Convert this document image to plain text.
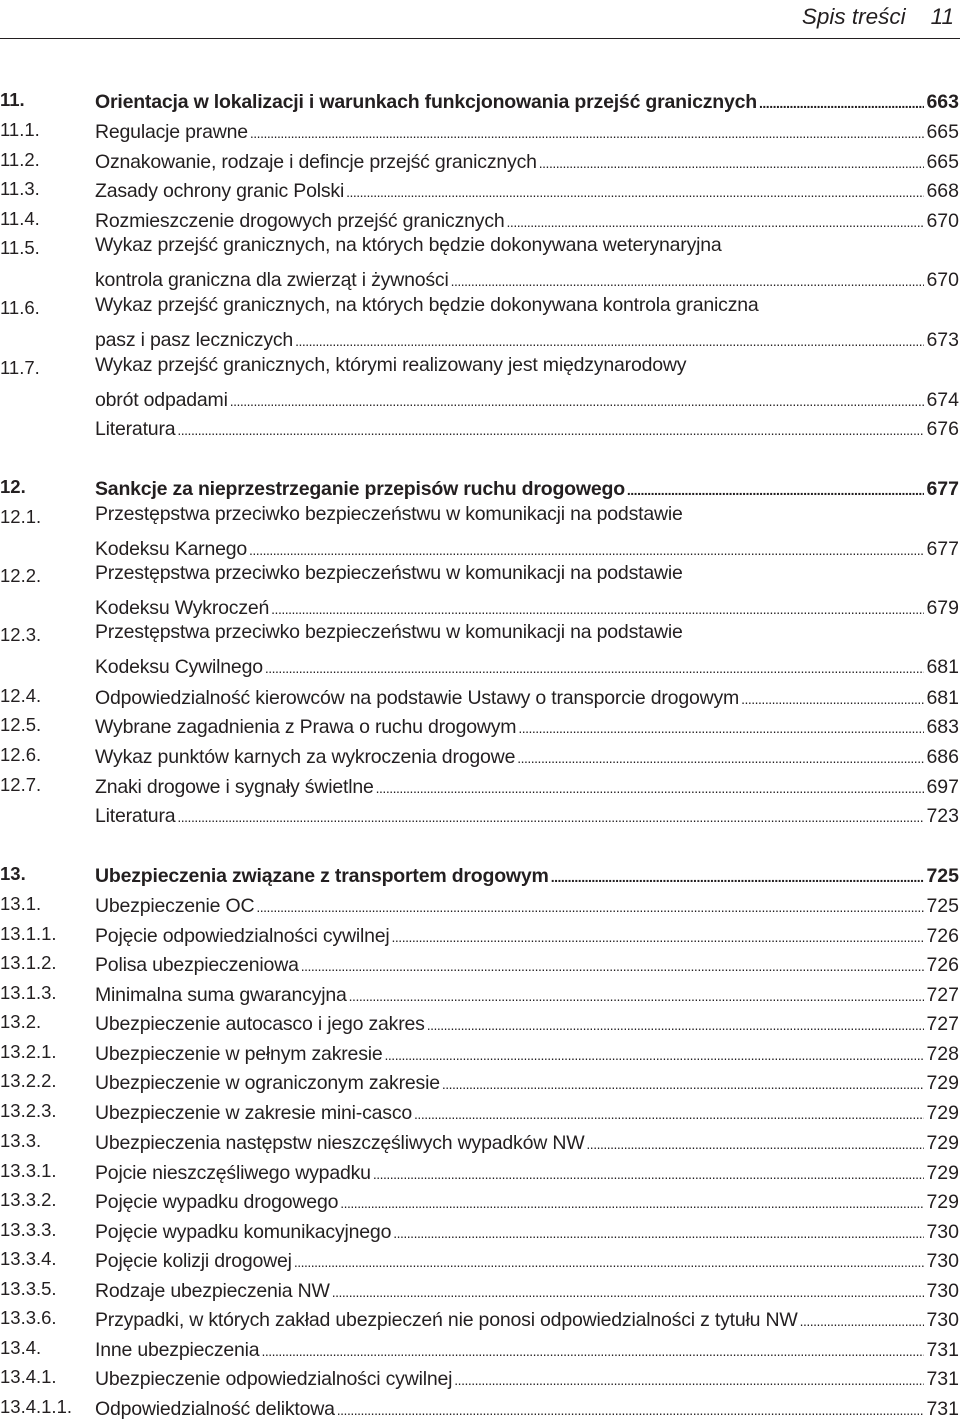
Spis treści 11
11.	Orientacja w lokalizacji i warunkach funkcjonowania przejść granicznych .....	663
11.1.	Regulacje prawne .....	665
11.2.	Oznakowanie, rodzaje i defincje przejść granicznych .....	665
11.3.	Zasady ochrony granic Polski .....	668
11.4.	Rozmieszczenie drogowych przejść granicznych .....	670
11.5.	Wykaz przejść granicznych, na których będzie dokonywana weterynaryjna
kontrola graniczna dla zwierząt i żywności .....	670
11.6.	Wykaz przejść granicznych, na których będzie dokonywana kontrola graniczna
pasz i pasz leczniczych .....	673
11.7.	Wykaz przejść granicznych, którymi realizowany jest międzynarodowy
obrót odpadami .....	674
Literatura .....	676
12.	Sankcje za nieprzestrzeganie przepisów ruchu drogowego .....	677
12.1.	Przestępstwa przeciwko bezpieczeństwu w komunikacji na podstawie
Kodeksu Karnego .....	677
12.2.	Przestępstwa przeciwko bezpieczeństwu w komunikacji na podstawie
Kodeksu Wykroczeń .....	679
12.3.	Przestępstwa przeciwko bezpieczeństwu w komunikacji na podstawie
Kodeksu Cywilnego .....	681
12.4.	Odpowiedzialność kierowców na podstawie Ustawy o transporcie drogowym .....	681
12.5.	Wybrane zagadnienia z Prawa o ruchu drogowym .....	683
12.6.	Wykaz punktów karnych za wykroczenia drogowe .....	686
12.7.	Znaki drogowe i sygnały świetlne .....	697
Literatura .....	723
13.	Ubezpieczenia związane z transportem drogowym .....	725
13.1.	Ubezpieczenie OC .....	725
13.1.1. Pojęcie odpowiedzialności cywilnej .....	726
13.1.2. Polisa ubezpieczeniowa .....	726
13.1.3. Minimalna suma gwarancyjna .....	727
13.2.	Ubezpieczenie autocasco i jego zakres .....	727
13.2.1. Ubezpieczenie w pełnym zakresie .....	728
13.2.2. Ubezpieczenie w ograniczonym zakresie .....	729
13.2.3. Ubezpieczenie w zakresie mini-casco .....	729
13.3.	Ubezpieczenia następstw nieszczęśliwych wypadków NW .....	729
13.3.1. Pojcie nieszczęśliwego wypadku .....	729
13.3.2. Pojęcie wypadku drogowego .....	729
13.3.3. Pojęcie wypadku komunikacyjnego .....	730
13.3.4. Pojęcie kolizji drogowej .....	730
13.3.5. Rodzaje ubezpieczenia NW .....	730
13.3.6. Przypadki, w których zakład ubezpieczeń nie ponosi odpowiedzialności z tytułu NW .....	730
13.4.	Inne ubezpieczenia .....	731
13.4.1. Ubezpieczenie odpowiedzialności cywilnej .....	731
13.4.1.1. Odpowiedzialność deliktowa .....	731
